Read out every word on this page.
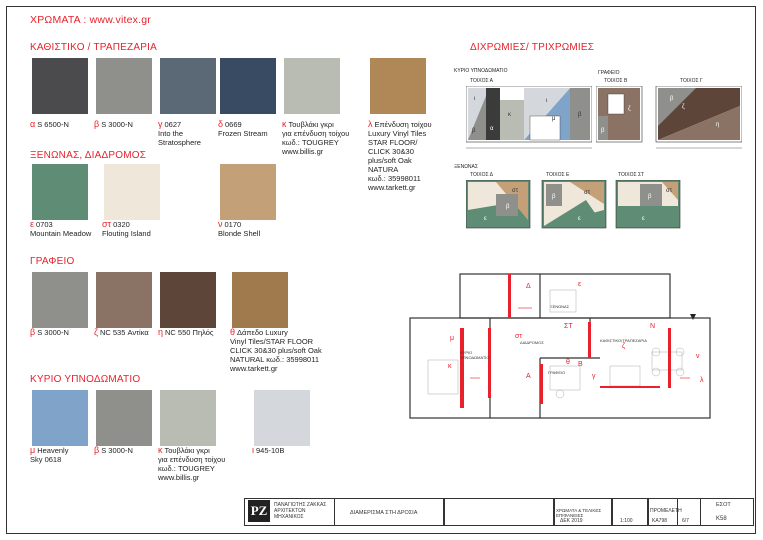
ΧΡΩΜΑΤΑ : www.vitex.gr
ΚΑΘΙΣΤΙΚΟ / ΤΡΑΠΕΖΑΡΙΑ
α S 6500-N	β S 3000-N	γ 0627
Into the
Stratosphere
δ 0669
Frozen Stream
κ Τουβλάκι γκρι
για επένδυση τοίχου
κωδ.: TOUGREY
www.billis.gr
λ Επένδυση τοίχου
Luxury Vinyl Tiles
STAR FLOOR/
CLICK 30&30
plus/soft Oak
NATURA
κωδ.: 35998011
www.tarkett.gr
ΞΕΝΩΝΑΣ, ΔΙΑΔΡΟΜΟΣ
ε 0703
Mountain Meadow
στ 0320
Flouting Island
ν 0170
Blonde Shell
ΓΡΑΦΕΙΟ
β S 3000-N	ζ NC 535 Αντίκα η NC 550 Πηλός θ Δάπεδο Luxury
Vinyl Tiles/STAR FLOOR
CLICK 30&30 plus/soft Oak
NATURAL κωδ.: 35998011
www.tarkett.gr
ΚΥΡΙΟ ΥΠΝΟΔΩΜΑΤΙΟ
μ Heavenly
Sky 0618
β S 3000-N	κ Τουβλάκι γκρι
για επένδυση τοίχου
κωδ.: TOUGREY
www.billis.gr
ι 945-10B
ΔΙΧΡΩΜΙΕΣ/ ΤΡΙΧΡΩΜΙΕΣ
ΚΥΡΙΟ ΥΠΝΟΔΩΜΑΤΙΟ
ΤΟΙΧΟΣ Α
ι
β α
κ
ι
μ
β
ΓΡΑΦΕΙΟ
ΤΟΙΧΟΣ Β	ΤΟΙΧΟΣ Γ
ζ
β
β
ζ
η
ΞΕΝΩΝΑΣ
ΤΟΙΧΟΣ Δ	ΤΟΙΧΟΣ Ε	ΤΟΙΧΟΣ ΣΤ
στ
β
ε
στ
β
ε
στ
β
ε
κ
μ
Δ	ε
ΣΤ
στ
Α
θ Β
γ
ν
λ
Ν
ζ
ΚΥΡΙΟ
ΥΠΝΟΔΩΜΑΤΙΟ
ΓΡΑΦΕΙΟ
ΞΕΝΩΝΑΣ
ΚΑΘΙΣΤΙΚΟ/ΤΡΑΠΕΖΑΡΙΑ
ΔΙΑΔΡΟΜΟΣ
PZ	ΠΑΝΑΓΙΩΤΗΣ ΖΑΚΚΑΣ
ΑΡΧΙΤΕΚΤΩΝ ΜΗΧΑΝΙΚΟΣ
ΔΙΑΜΕΡΙΣΜΑ ΣΤΗ ΔΡΟΣΙΑ	ΧΡΩΜΑΤΑ & ΤΕΛΙΚΕΣ ΕΠΙΦΑΝΕΙΕΣ
ΔΕΚ 2019	1:100	ΚΑ798	6/7
ΠΡΟΜΕΛΕΤΗ
ΕΣΟΤ
Κ58
